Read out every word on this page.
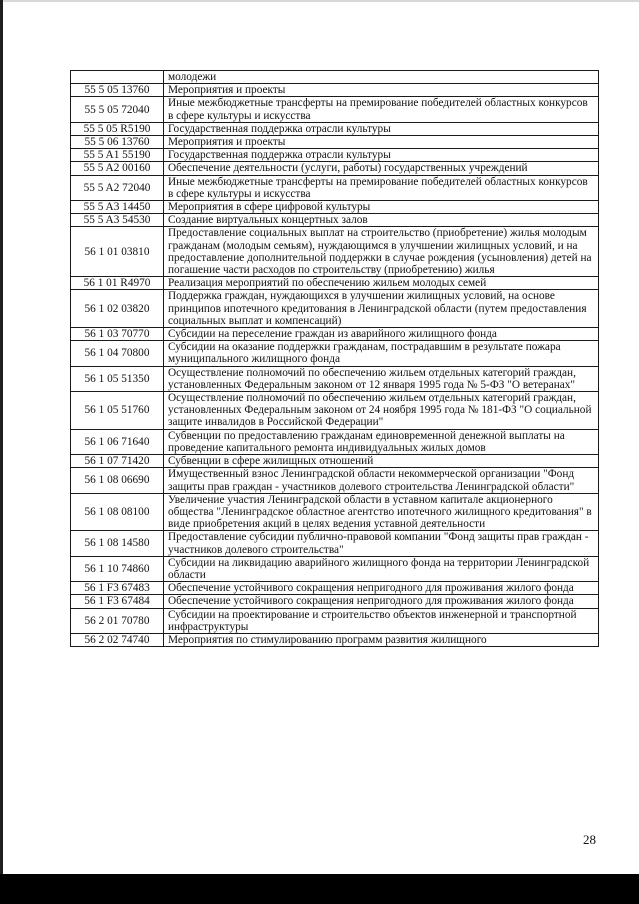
	молодежи
55 5 05 13760	Мероприятия и проекты
55 5 05 72040	Иные межбюджетные трансферты на премирование победителей областных конкурсов в сфере культуры и искусства
55 5 05 R5190	Государственная поддержка отрасли культуры
55 5 06 13760	Мероприятия и проекты
55 5 A1 55190	Государственная поддержка отрасли культуры
55 5 A2 00160	Обеспечение деятельности (услуги, работы) государственных учреждений
55 5 A2 72040	Иные межбюджетные трансферты на премирование победителей областных конкурсов в сфере культуры и искусства
55 5 A3 14450	Мероприятия в сфере цифровой культуры
55 5 A3 54530	Создание виртуальных концертных залов
56 1 01 03810	Предоставление социальных выплат на строительство (приобретение) жилья молодым гражданам (молодым семьям), нуждающимся в улучшении жилищных условий, и на предоставление дополнительной поддержки в случае рождения (усыновления) детей на погашение части расходов по строительству (приобретению) жилья
56 1 01 R4970	Реализация мероприятий по обеспечению жильем молодых семей
56 1 02 03820	Поддержка граждан, нуждающихся в улучшении жилищных условий, на основе принципов ипотечного кредитования в Ленинградской области (путем предоставления социальных выплат и компенсаций)
56 1 03 70770	Субсидии на переселение граждан из аварийного жилищного фонда
56 1 04 70800	Субсидии на оказание поддержки гражданам, пострадавшим в результате пожара муниципального жилищного фонда
56 1 05 51350	Осуществление полномочий по обеспечению жильем отдельных категорий граждан, установленных Федеральным законом от 12 января 1995 года № 5-ФЗ "О ветеранах"
56 1 05 51760	Осуществление полномочий по обеспечению жильем отдельных категорий граждан, установленных Федеральным законом от 24 ноября 1995 года № 181-ФЗ "О социальной защите инвалидов в Российской Федерации"
56 1 06 71640	Субвенции по предоставлению гражданам единовременной денежной выплаты на проведение капитального ремонта индивидуальных жилых домов
56 1 07 71420	Субвенции в сфере жилищных отношений
56 1 08 06690	Имущественный взнос Ленинградской области некоммерческой организации "Фонд защиты прав граждан - участников долевого строительства Ленинградской области"
56 1 08 08100	Увеличение участия Ленинградской области в уставном капитале акционерного общества "Ленинградское областное агентство ипотечного жилищного кредитования" в виде приобретения акций в целях ведения уставной деятельности
56 1 08 14580	Предоставление субсидии публично-правовой компании "Фонд защиты прав граждан - участников долевого строительства"
56 1 10 74860	Субсидии на ликвидацию аварийного жилищного фонда на территории Ленинградской области
56 1 F3 67483	Обеспечение устойчивого сокращения непригодного для проживания жилого фонда
56 1 F3 67484	Обеспечение устойчивого сокращения непригодного для проживания жилого фонда
56 2 01 70780	Субсидии на проектирование и строительство объектов инженерной и транспортной инфраструктуры
56 2 02 74740	Мероприятия по стимулированию программ развития жилищного
28
